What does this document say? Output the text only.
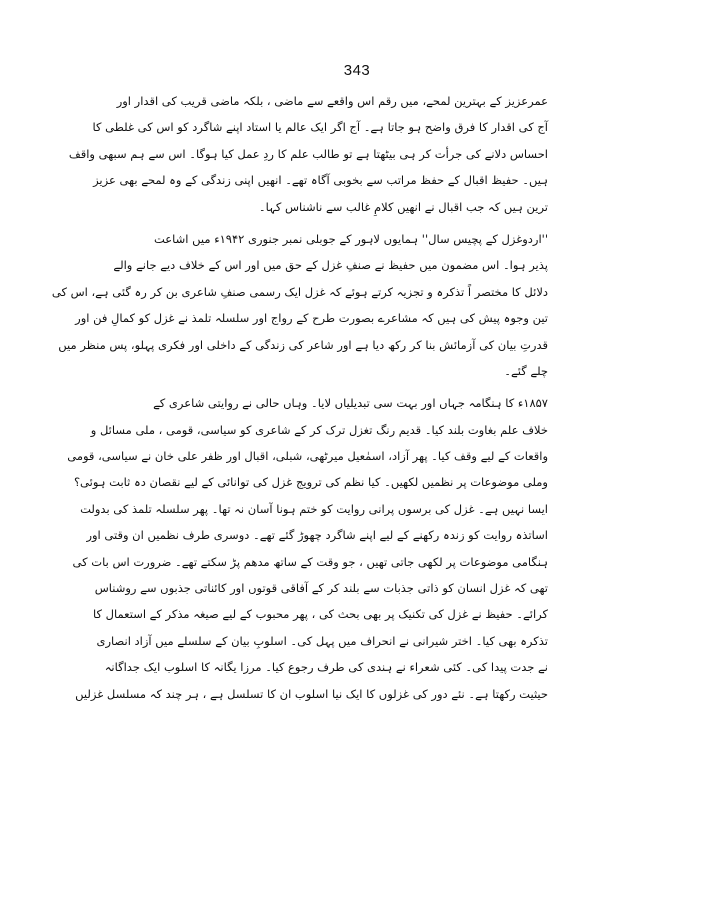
343
عمرعزیز کے بہترین لمحے، میں رقم اس واقعے سے ماضی ، بلکہ ماضی قریب کی اقدار اور
آج کی اقدار کا فرق واضح ہو جاتا ہے۔ آج اگر ایک عالم یا استاد اپنے شاگرد کو اس کی غلطی کا
احساس دلانے کی جرأت کر ہی بیٹھتا ہے تو طالب علم کا ردِ عمل کیا ہوگا۔ اس سے ہم سبھی واقف
ہیں۔ حفیظ اقبال کے حفظ مراتب سے بخوبی آگاہ تھے۔ انھیں اپنی زندگی کے وہ لمحے بھی عزیز
ترین ہیں کہ جب اقبال نے انھیں کلامِ غالب سے ناشناس کہا۔
''اردوغزل کے پچیس سال'' ہمایوں لاہور کے جوبلی نمبر جنوری ۱۹۴۲ء میں اشاعت
پذیر ہوا۔ اس مضمون میں حفیظ نے صنفِ غزل کے حق میں اور اس کے خلاف دیے جانے والے
دلائل کا مختصر اً تذکرہ و تجزیہ کرتے ہوئے کہ غزل ایک رسمی صنفِ شاعری بن کر رہ گئی ہے، اس کی
تین وجوہ پیش کی ہیں کہ مشاعرے بصورت طرح کے رواج اور سلسلہ تلمذ نے غزل کو کمالِ فن اور
قدرتِ بیان کی آزمائش بنا کر رکھ دیا ہے اور شاعر کی زندگی کے داخلی اور فکری پہلو، پس منظر میں
چلے گئے۔
۱۸۵۷ء کا ہنگامہ جہاں اور بہت سی تبدیلیاں لایا۔ وہاں حالی نے روایتی شاعری کے
خلاف علم بغاوت بلند کیا۔ قدیم رنگ تغزل ترک کر کے شاعری کو سیاسی، قومی ، ملی مسائل و
واقعات کے لیے وقف کیا۔ پھر آزاد، اسمٰعیل میرٹھی، شبلی، اقبال اور ظفر علی خان نے سیاسی، قومی
وملی موضوعات پر نظمیں لکھیں۔ کیا نظم کی ترویج غزل کی توانائی کے لیے نقصان دہ ثابت ہوئی؟
ایسا نہیں ہے۔ غزل کی برسوں پرانی روایت کو ختم ہونا آسان نہ تھا۔ پھر سلسلہ تلمذ کی بدولت
اساتذہ روایت کو زندہ رکھنے کے لیے اپنے شاگرد چھوڑ گئے تھے۔ دوسری طرف نظمیں ان وقتی اور
ہنگامی موضوعات پر لکھی جاتی تھیں ، جو وقت کے ساتھ مدھم پڑ سکتے تھے۔ ضرورت اس بات کی
تھی کہ غزل انسان کو ذاتی جذبات سے بلند کر کے آفاقی قوتوں اور کائناتی جذبوں سے روشناس
کرائے۔ حفیظ نے غزل کی تکنیک پر بھی بحث کی ، پھر محبوب کے لیے صیغہ مذکر کے استعمال کا
تذکرہ بھی کیا۔ اختر شیرانی نے انحراف میں پہل کی۔ اسلوبِ بیان کے سلسلے میں آزاد انصاری
نے جدت پیدا کی۔ کئی شعراء نے ہندی کی طرف رجوع کیا۔ مرزا یگانہ کا اسلوب ایک جداگانہ
حیثیت رکھتا ہے۔ نئے دور کی غزلوں کا ایک نیا اسلوب ان کا تسلسل ہے ، ہر چند کہ مسلسل غزلیں
